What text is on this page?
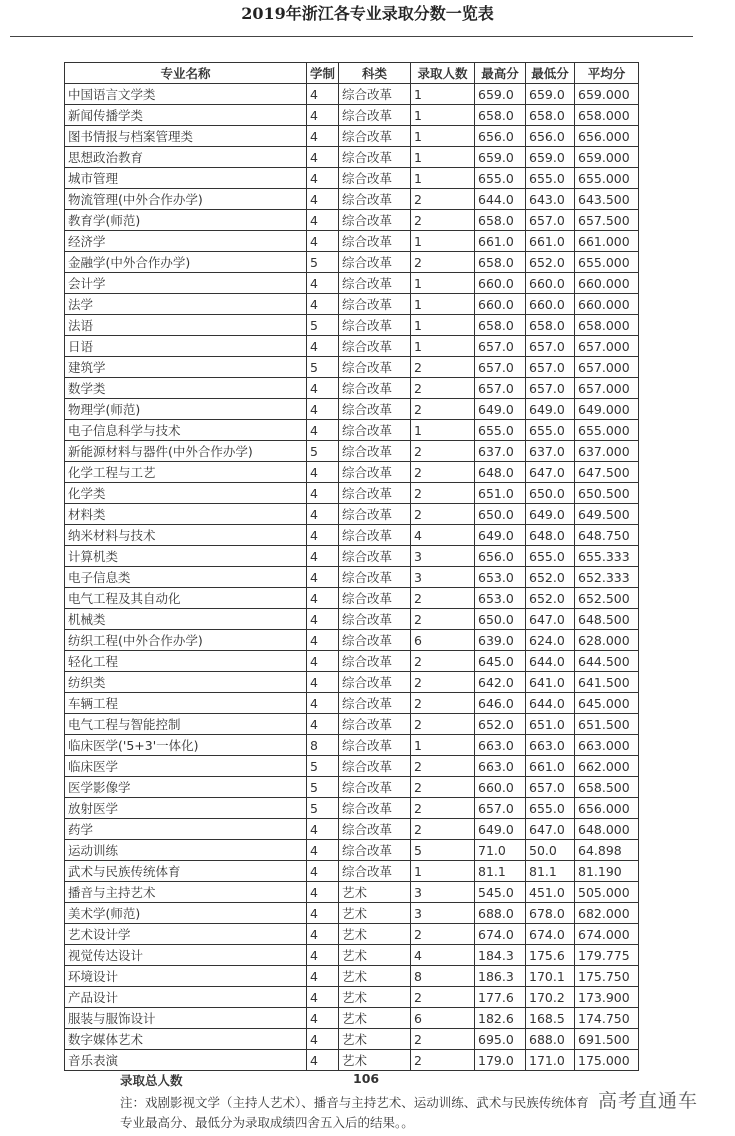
2019年浙江各专业录取分数一览表
专业名称	学制	科类	录取人数	最高分	最低分	平均分
中国语言文学类	4	综合改革	1	659.0	659.0	659.000
新闻传播学类	4	综合改革	1	658.0	658.0	658.000
图书情报与档案管理类	4	综合改革	1	656.0	656.0	656.000
思想政治教育	4	综合改革	1	659.0	659.0	659.000
城市管理	4	综合改革	1	655.0	655.0	655.000
物流管理(中外合作办学)	4	综合改革	2	644.0	643.0	643.500
教育学(师范)	4	综合改革	2	658.0	657.0	657.500
经济学	4	综合改革	1	661.0	661.0	661.000
金融学(中外合作办学)	5	综合改革	2	658.0	652.0	655.000
会计学	4	综合改革	1	660.0	660.0	660.000
法学	4	综合改革	1	660.0	660.0	660.000
法语	5	综合改革	1	658.0	658.0	658.000
日语	4	综合改革	1	657.0	657.0	657.000
建筑学	5	综合改革	2	657.0	657.0	657.000
数学类	4	综合改革	2	657.0	657.0	657.000
物理学(师范)	4	综合改革	2	649.0	649.0	649.000
电子信息科学与技术	4	综合改革	1	655.0	655.0	655.000
新能源材料与器件(中外合作办学)	5	综合改革	2	637.0	637.0	637.000
化学工程与工艺	4	综合改革	2	648.0	647.0	647.500
化学类	4	综合改革	2	651.0	650.0	650.500
材料类	4	综合改革	2	650.0	649.0	649.500
纳米材料与技术	4	综合改革	4	649.0	648.0	648.750
计算机类	4	综合改革	3	656.0	655.0	655.333
电子信息类	4	综合改革	3	653.0	652.0	652.333
电气工程及其自动化	4	综合改革	2	653.0	652.0	652.500
机械类	4	综合改革	2	650.0	647.0	648.500
纺织工程(中外合作办学)	4	综合改革	6	639.0	624.0	628.000
轻化工程	4	综合改革	2	645.0	644.0	644.500
纺织类	4	综合改革	2	642.0	641.0	641.500
车辆工程	4	综合改革	2	646.0	644.0	645.000
电气工程与智能控制	4	综合改革	2	652.0	651.0	651.500
临床医学('5+3'一体化)	8	综合改革	1	663.0	663.0	663.000
临床医学	5	综合改革	2	663.0	661.0	662.000
医学影像学	5	综合改革	2	660.0	657.0	658.500
放射医学	5	综合改革	2	657.0	655.0	656.000
药学	4	综合改革	2	649.0	647.0	648.000
运动训练	4	综合改革	5	71.0	50.0	64.898
武术与民族传统体育	4	综合改革	1	81.1	81.1	81.190
播音与主持艺术	4	艺术	3	545.0	451.0	505.000
美术学(师范)	4	艺术	3	688.0	678.0	682.000
艺术设计学	4	艺术	2	674.0	674.0	674.000
视觉传达设计	4	艺术	4	184.3	175.6	179.775
环境设计	4	艺术	8	186.3	170.1	175.750
产品设计	4	艺术	2	177.6	170.2	173.900
服装与服饰设计	4	艺术	6	182.6	168.5	174.750
数字媒体艺术	4	艺术	2	695.0	688.0	691.500
音乐表演	4	艺术	2	179.0	171.0	175.000
录取总人数	106
注：戏剧影视文学（主持人艺术）、播音与主持艺术、运动训练、武术与民族传统体育专业最高分、最低分为录取成绩四舍五入后的结果。。
高考直通车
